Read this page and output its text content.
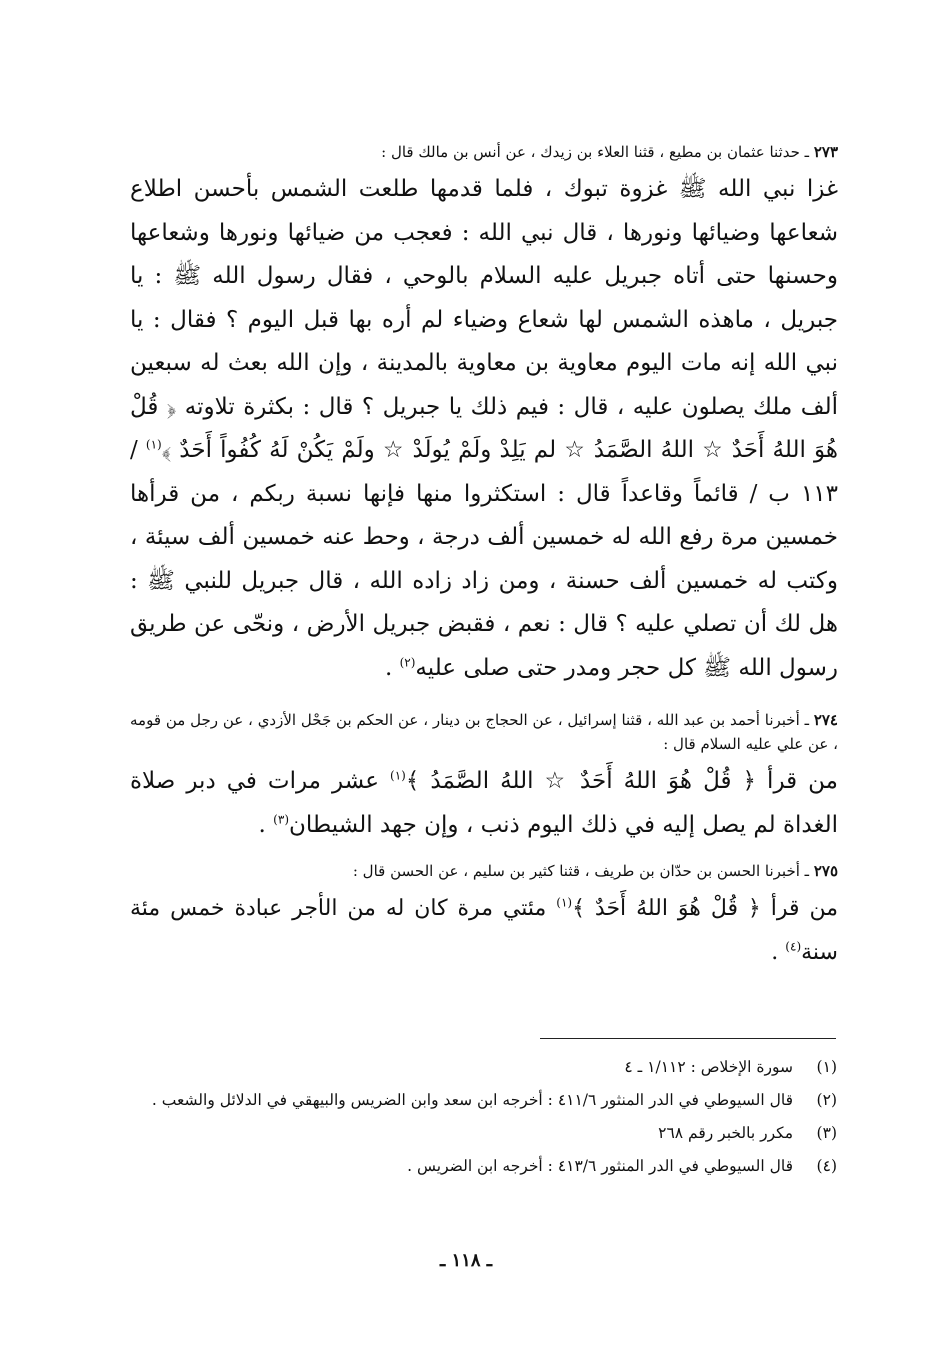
٢٧٣ ـ حدثنا عثمان بن مطيع ، قثنا العلاء بن زيدك ، عن أنس بن مالك قال :
غزا نبي الله ﷺ غزوة تبوك ، فلما قدمها طلعت الشمس بأحسن اطلاع شعاعها وضيائها ونورها ، قال نبي الله : فعجب من ضيائها ونورها وشعاعها وحسنها حتى أتاه جبريل عليه السلام بالوحي ، فقال رسول الله ﷺ : يا جبريل ، ماهذه الشمس لها شعاع وضياء لم أره بها قبل اليوم ؟ فقال : يا نبي الله إنه مات اليوم معاوية بن معاوية بالمدينة ، وإن الله بعث له سبعين ألف ملك يصلون عليه ، قال : فيم ذلك يا جبريل ؟ قال : بكثرة تلاوته ﴿ قُلْ هُوَ اللهُ أَحَدٌ ☆ اللهُ الصَّمَدُ ☆ لم يَلِدْ ولَمْ يُولَدْ ☆ ولَمْ يَكُنْ لَهُ كُفُواً أَحَدٌ ﴾$^{(١)}$ / ١١٣ ب / قائماً وقاعداً قال : استكثروا منها فإنها نسبة ربكم ، من قرأها خمسين مرة رفع الله له خمسين ألف درجة ، وحط عنه خمسين ألف سيئة ، وكتب له خمسين ألف حسنة ، ومن زاد زاده الله ، قال جبريل للنبي ﷺ : هل لك أن تصلي عليه ؟ قال : نعم ، فقبض جبريل الأرض ، ونحّى عن طريق رسول الله ﷺ كل حجر ومدر حتى صلى عليه$^{(٢)}$ .
٢٧٤ ـ أخبرنا أحمد بن عبد الله ، قثنا إسرائيل ، عن الحجاج بن دينار ، عن الحكم بن جَحْل الأزدي ، عن رجل من قومه ، عن علي عليه السلام قال :
من قرأ ﴿ قُلْ هُوَ اللهُ أَحَدٌ ☆ اللهُ الصَّمَدُ ﴾$^{(١)}$ عشر مرات في دبر صلاة الغداة لم يصل إليه في ذلك اليوم ذنب ، وإن جهد الشيطان$^{(٣)}$ .
٢٧٥ ـ أخبرنا الحسن بن حدّان بن طريف ، قثنا كثير بن سليم ، عن الحسن قال :
من قرأ ﴿ قُلْ هُوَ اللهُ أَحَدٌ ﴾$^{(١)}$ مئتي مرة كان له من الأجر عبادة خمس مئة سنة$^{(٤)}$ .
(١)
سورة الإخلاص : ١/١١٢ ـ ٤
(٢)
قال السيوطي في الدر المنثور ٤١١/٦ : أخرجه ابن سعد وابن الضريس والبيهقي في الدلائل والشعب .
(٣)
مكرر بالخبر رقم ٢٦٨
(٤)
قال السيوطي في الدر المنثور ٤١٣/٦ : أخرجه ابن الضريس .
ـ ١١٨ ـ
